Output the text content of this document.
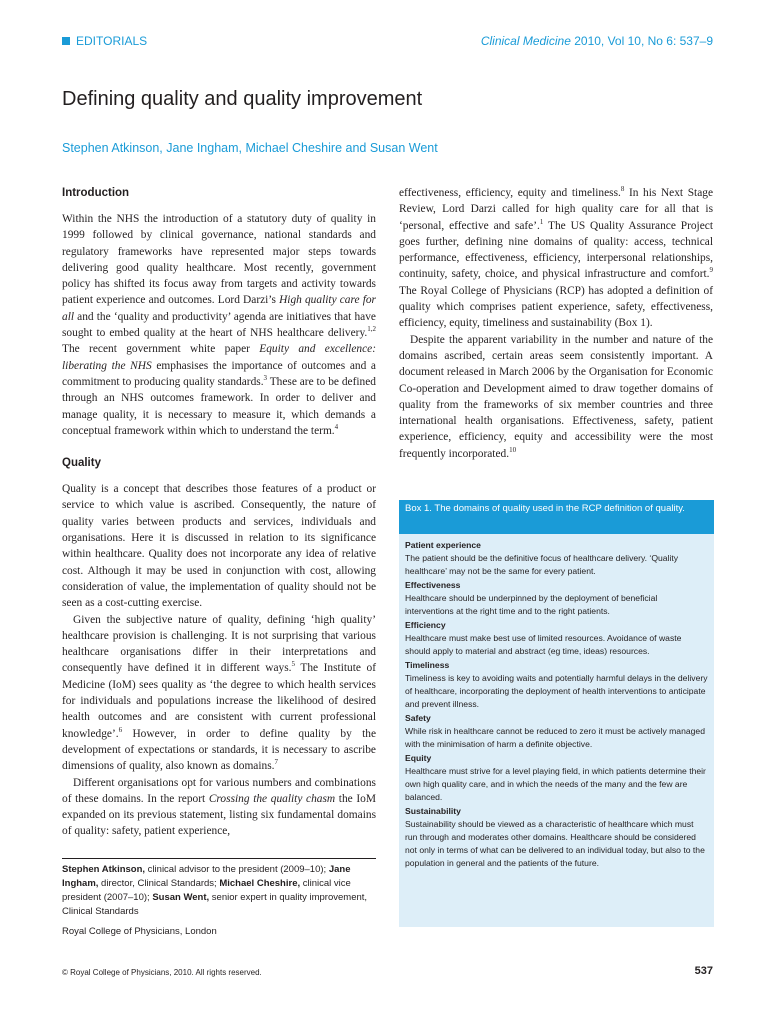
EDITORIALS	Clinical Medicine 2010, Vol 10, No 6: 537–9
Defining quality and quality improvement
Stephen Atkinson, Jane Ingham, Michael Cheshire and Susan Went
Introduction

Within the NHS the introduction of a statutory duty of quality in 1999 followed by clinical governance, national standards and regulatory frameworks have represented major steps towards delivering good quality healthcare. Most recently, government policy has shifted its focus away from targets and activity towards patient experience and outcomes. Lord Darzi’s High quality care for all and the ‘quality and productivity’ agenda are initiatives that have sought to embed quality at the heart of NHS healthcare delivery.$^{1,2}$ The recent government white paper Equity and excellence: liberating the NHS emphasises the importance of outcomes and a commitment to producing quality standards.$^3$ These are to be defined through an NHS outcomes framework. In order to deliver and manage quality, it is necessary to measure it, which demands a conceptual framework within which to understand the term.$^4$

Quality

Quality is a concept that describes those features of a product or service to which value is ascribed. Consequently, the nature of quality varies between products and services, individuals and organisations. Here it is discussed in relation to its significance within healthcare. Quality does not incorporate any idea of relative cost. Although it may be used in conjunction with cost, allowing consideration of value, the implementation of quality should not be seen as a cost-cutting exercise.

Given the subjective nature of quality, defining ‘high quality’ healthcare provision is challenging. It is not surprising that various healthcare organisations differ in their interpretations and consequently have defined it in different ways.$^5$ The Institute of Medicine (IoM) sees quality as ‘the degree to which health services for individuals and populations increase the likelihood of desired health outcomes and are consistent with current professional knowledge’.$^6$ However, in order to define quality by the development of expectations or standards, it is necessary to ascribe dimensions of quality, also known as domains.$^7$

Different organisations opt for various numbers and combinations of these domains. In the report Crossing the quality chasm the IoM expanded on its previous statement, listing six fundamental domains of quality: safety, patient experience,

effectiveness, efficiency, equity and timeliness.$^8$ In his Next Stage Review, Lord Darzi called for high quality care for all that is ‘personal, effective and safe’.$^1$ The US Quality Assurance Project goes further, defining nine domains of quality: access, technical performance, effectiveness, efficiency, interpersonal relationships, continuity, safety, choice, and physical infrastructure and comfort.$^9$ The Royal College of Physicians (RCP) has adopted a definition of quality which comprises patient experience, safety, effectiveness, efficiency, equity, timeliness and sustainability (Box 1).

Despite the apparent variability in the number and nature of the domains ascribed, certain areas seem consistently important. A document released in March 2006 by the Organisation for Economic Co-operation and Development aimed to draw together domains of quality from the frameworks of six member countries and three international health organisations. Effectiveness, safety, patient experience, efficiency, equity and accessibility were the most frequently incorporated.$^{10}$

Box 1. The domains of quality used in the RCP definition of quality.
Patient experience
The patient should be the definitive focus of healthcare delivery. ‘Quality healthcare’ may not be the same for every patient.
Effectiveness
Healthcare should be underpinned by the deployment of beneficial interventions at the right time and to the right patients.
Efficiency
Healthcare must make best use of limited resources. Avoidance of waste should apply to material and abstract (eg time, ideas) resources.
Timeliness
Timeliness is key to avoiding waits and potentially harmful delays in the delivery of healthcare, incorporating the deployment of health interventions to anticipate and prevent illness.
Safety
While risk in healthcare cannot be reduced to zero it must be actively managed with the minimisation of harm a definite objective.
Equity
Healthcare must strive for a level playing field, in which patients determine their own high quality care, and in which the needs of the many and the few are balanced.
Sustainability
Sustainability should be viewed as a characteristic of healthcare which must run through and moderates other domains. Healthcare should be considered not only in terms of what can be delivered to an individual today, but also to the population in general and the patients of the future.
Stephen Atkinson, clinical advisor to the president (2009–10); Jane Ingham, director, Clinical Standards; Michael Cheshire, clinical vice president (2007–10); Susan Went, senior expert in quality improvement, Clinical Standards
Royal College of Physicians, London
© Royal College of Physicians, 2010. All rights reserved.	537
